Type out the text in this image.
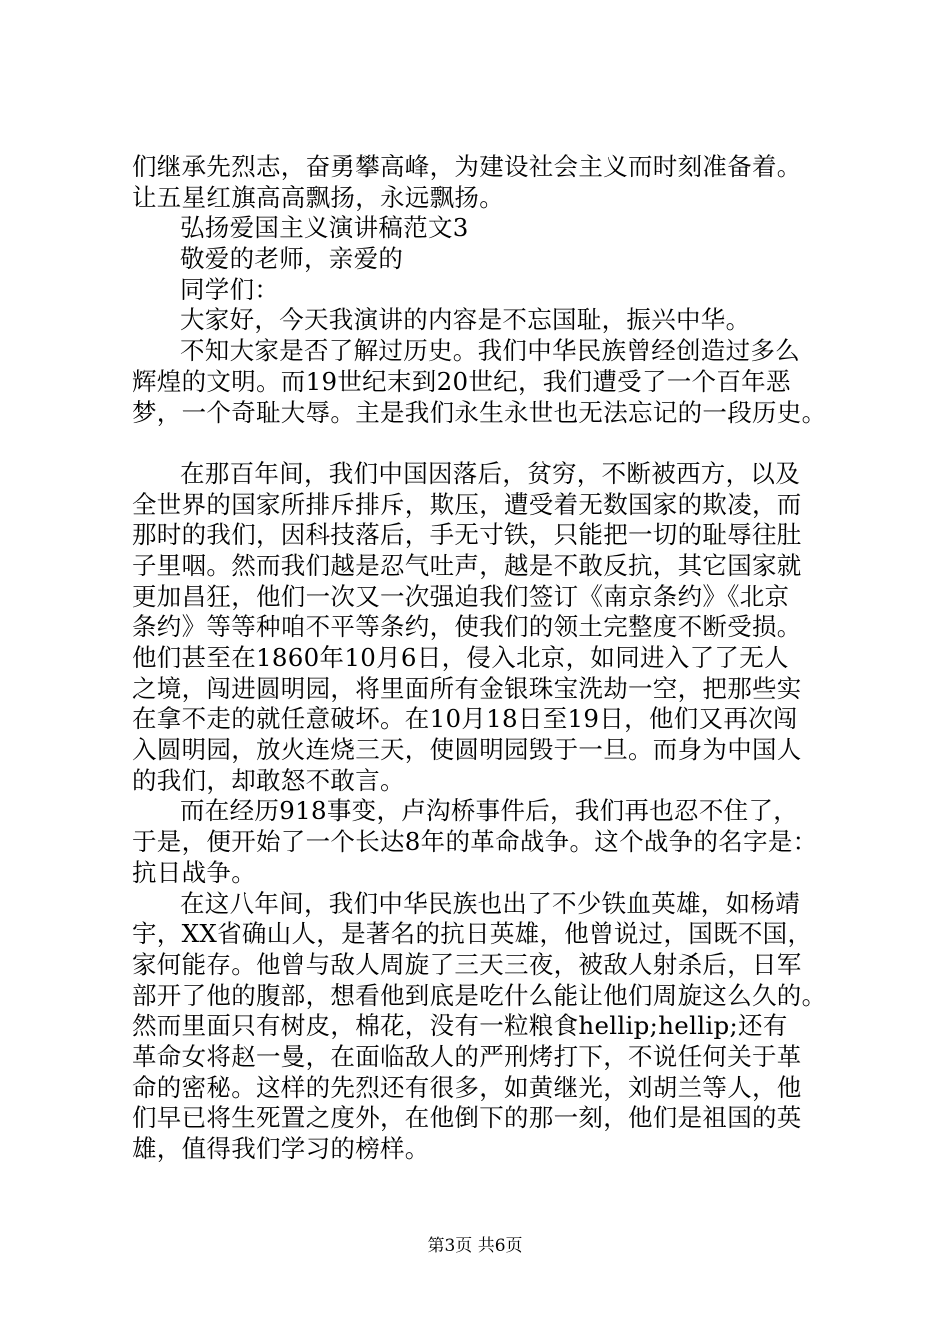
们继承先烈志，奋勇攀高峰，为建设社会主义而时刻准备着。
让五星红旗高高飘扬，永远飘扬。
弘扬爱国主义演讲稿范文3
敬爱的老师，亲爱的
同学们：
大家好，今天我演讲的内容是不忘国耻，振兴中华。
不知大家是否了解过历史。我们中华民族曾经创造过多么
辉煌的文明。而19世纪末到20世纪，我们遭受了一个百年恶
梦，一个奇耻大辱。主是我们永生永世也无法忘记的一段历史。
在那百年间，我们中国因落后，贫穷，不断被西方，以及
全世界的国家所排斥排斥，欺压，遭受着无数国家的欺凌，而
那时的我们，因科技落后，手无寸铁，只能把一切的耻辱往肚
子里咽。然而我们越是忍气吐声，越是不敢反抗，其它国家就
更加昌狂，他们一次又一次强迫我们签订《南京条约》《北京
条约》等等种咱不平等条约，使我们的领土完整度不断受损。
他们甚至在1860年10月6日，侵入北京，如同进入了了无人
之境，闯进圆明园，将里面所有金银珠宝洗劫一空，把那些实
在拿不走的就任意破坏。在10月18日至19日，他们又再次闯
入圆明园，放火连烧三天，使圆明园毁于一旦。而身为中国人
的我们，却敢怒不敢言。
而在经历918事变，卢沟桥事件后，我们再也忍不住了，
于是，便开始了一个长达8年的革命战争。这个战争的名字是：
抗日战争。
在这八年间，我们中华民族也出了不少铁血英雄，如杨靖
宇，XX省确山人，是著名的抗日英雄，他曾说过，国既不国，
家何能存。他曾与敌人周旋了三天三夜，被敌人射杀后，日军
部开了他的腹部，想看他到底是吃什么能让他们周旋这么久的。
然而里面只有树皮，棉花，没有一粒粮食hellip;hellip;还有
革命女将赵一曼，在面临敌人的严刑烤打下，不说任何关于革
命的密秘。这样的先烈还有很多，如黄继光，刘胡兰等人，他
们早已将生死置之度外，在他倒下的那一刻，他们是祖国的英
雄，值得我们学习的榜样。
第3页 共6页
